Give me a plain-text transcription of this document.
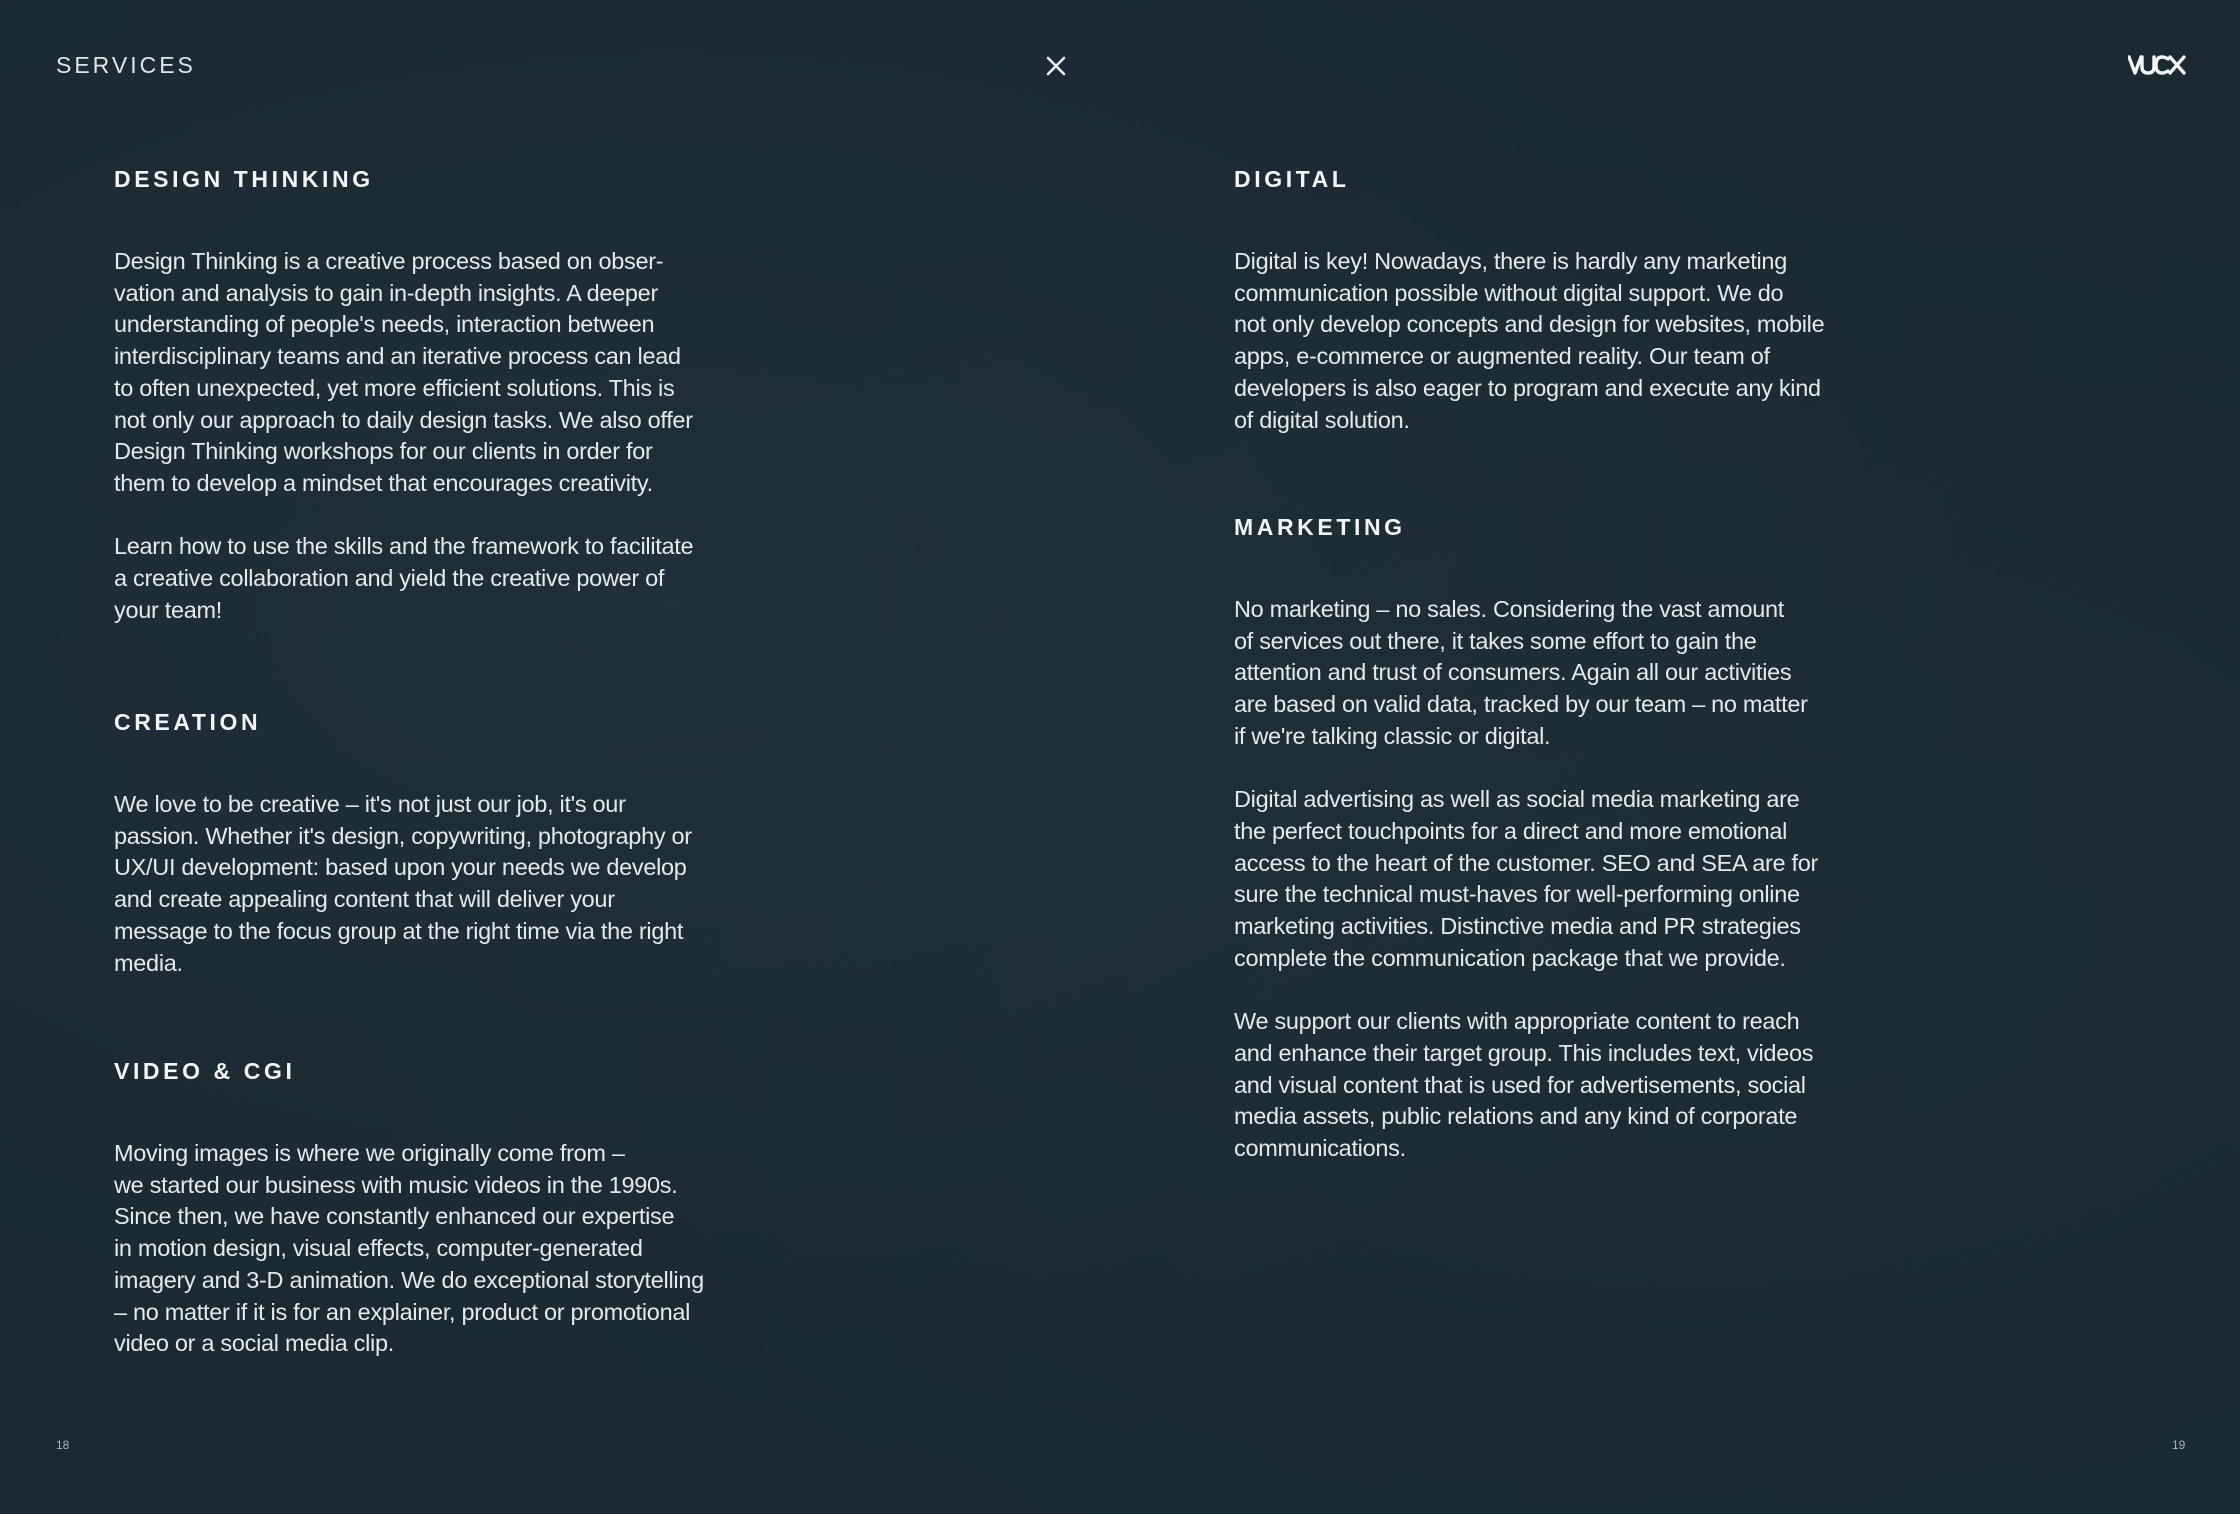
SERVICES
DESIGN THINKING

Design Thinking is a creative process based on obser-
vation and analysis to gain in-depth insights. A deeper
understanding of people's needs, interaction between
interdisciplinary teams and an iterative process can lead
to often unexpected, yet more efficient solutions. This is
not only our approach to daily design tasks. We also offer
Design Thinking workshops for our clients in order for
them to develop a mindset that encourages creativity.

Learn how to use the skills and the framework to facilitate
a creative collaboration and yield the creative power of
your team!

CREATION

We love to be creative – it's not just our job, it's our
passion. Whether it's design, copywriting, photography or
UX/UI development: based upon your needs we develop
and create appealing content that will deliver your
message to the focus group at the right time via the right
media.

VIDEO & CGI

Moving images is where we originally come from –
we started our business with music videos in the 1990s.
Since then, we have constantly enhanced our expertise
in motion design, visual effects, computer-generated
imagery and 3-D animation. We do exceptional storytelling
– no matter if it is for an explainer, product or promotional
video or a social media clip.

DIGITAL

Digital is key! Nowadays, there is hardly any marketing
communication possible without digital support. We do
not only develop concepts and design for websites, mobile
apps, e-commerce or augmented reality. Our team of
developers is also eager to program and execute any kind
of digital solution.

MARKETING

No marketing – no sales. Considering the vast amount
of services out there, it takes some effort to gain the
attention and trust of consumers. Again all our activities
are based on valid data, tracked by our team – no matter
if we're talking classic or digital.

Digital advertising as well as social media marketing are
the perfect touchpoints for a direct and more emotional
access to the heart of the customer. SEO and SEA are for
sure the technical must-haves for well-performing online
marketing activities. Distinctive media and PR strategies
complete the communication package that we provide.

We support our clients with appropriate content to reach
and enhance their target group. This includes text, videos
and visual content that is used for advertisements, social
media assets, public relations and any kind of corporate
communications.

18	19
